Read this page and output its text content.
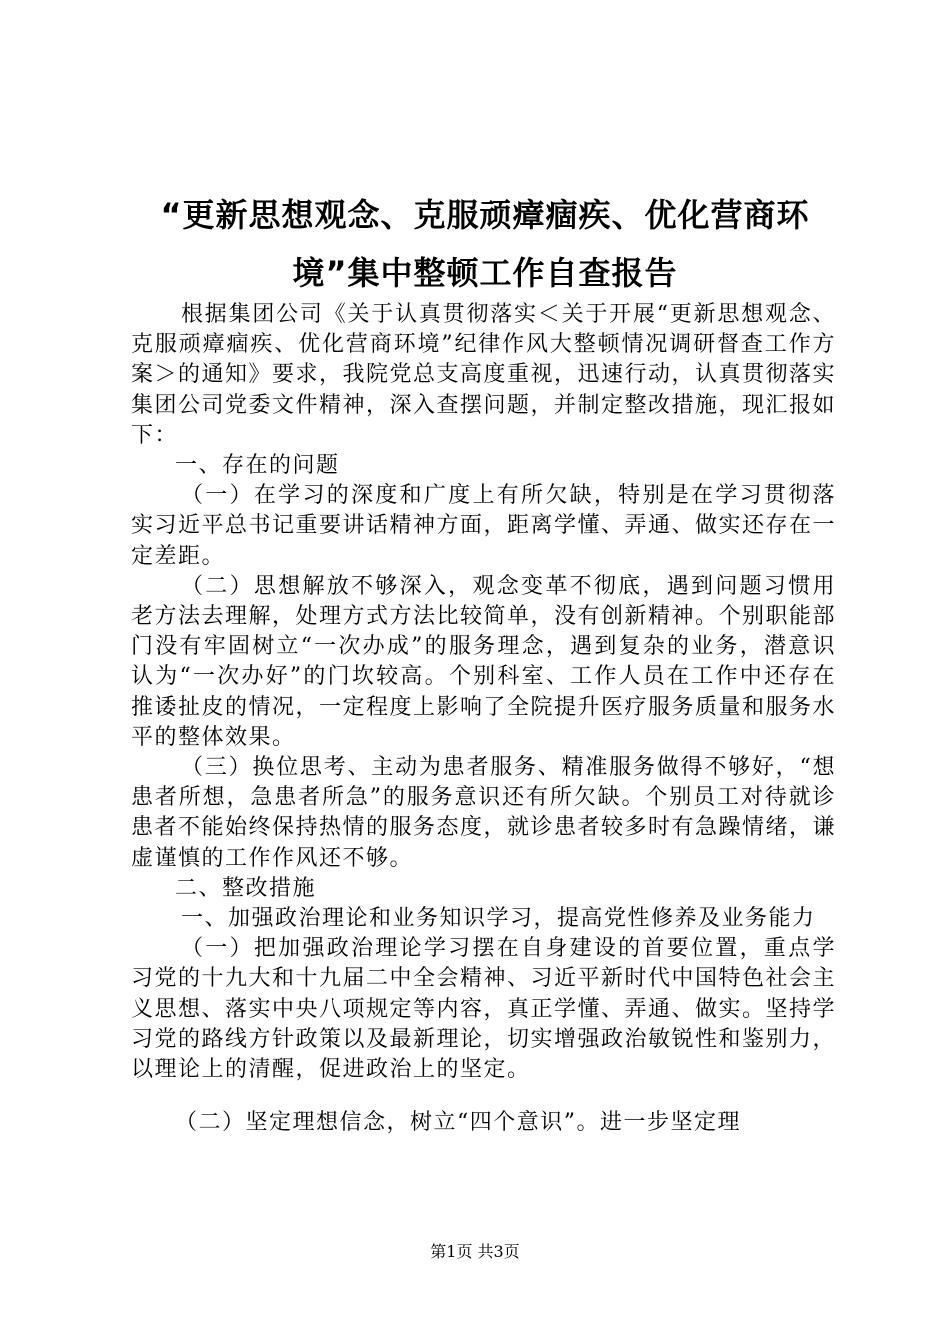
“更新思想观念、克服顽瘴痼疾、优化营商环境”集中整顿工作自查报告

根据集团公司《关于认真贯彻落实＜关于开展“更新思想观念、克服顽瘴痼疾、优化营商环境”纪律作风大整顿情况调研督查工作方案＞的通知》要求，我院党总支高度重视，迅速行动，认真贯彻落实集团公司党委文件精神，深入查摆问题，并制定整改措施，现汇报如下：

一、存在的问题

（一）在学习的深度和广度上有所欠缺，特别是在学习贯彻落实习近平总书记重要讲话精神方面，距离学懂、弄通、做实还存在一定差距。

（二）思想解放不够深入，观念变革不彻底，遇到问题习惯用老方法去理解，处理方式方法比较简单，没有创新精神。个别职能部门没有牢固树立“一次办成”的服务理念，遇到复杂的业务，潜意识认为“一次办好”的门坎较高。个别科室、工作人员在工作中还存在推诿扯皮的情况，一定程度上影响了全院提升医疗服务质量和服务水平的整体效果。

（三）换位思考、主动为患者服务、精准服务做得不够好，“想患者所想，急患者所急”的服务意识还有所欠缺。个别员工对待就诊患者不能始终保持热情的服务态度，就诊患者较多时有急躁情绪，谦虚谨慎的工作作风还不够。

二、整改措施

一、加强政治理论和业务知识学习，提高党性修养及业务能力

（一）把加强政治理论学习摆在自身建设的首要位置，重点学习党的十九大和十九届二中全会精神、习近平新时代中国特色社会主义思想、落实中央八项规定等内容，真正学懂、弄通、做实。坚持学习党的路线方针政策以及最新理论，切实增强政治敏锐性和鉴别力，以理论上的清醒，促进政治上的坚定。

（二）坚定理想信念，树立“四个意识”。进一步坚定理

第1页 共3页
